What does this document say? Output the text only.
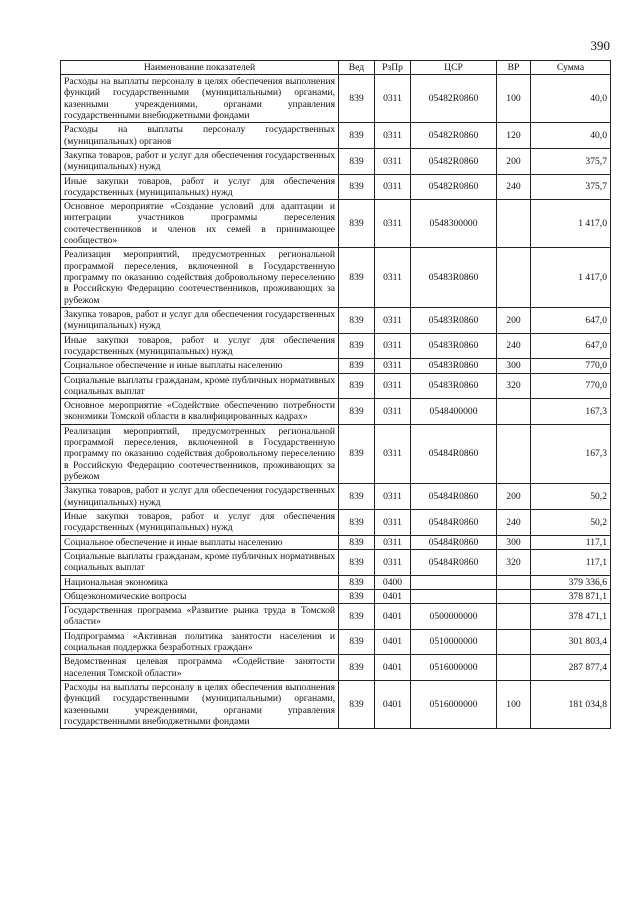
390
Наименование показателей	Вед	РзПр	ЦСР	ВР	Сумма
Расходы на выплаты персоналу в целях обеспечения выполнения функций государственными (муниципальными) органами, казенными учреждениями, органами управления государственными внебюджетными фондами	839	0311	05482R0860	100	40,0
Расходы на выплаты персоналу государственных (муниципальных) органов	839	0311	05482R0860	120	40,0
Закупка товаров, работ и услуг для обеспечения государственных (муниципальных) нужд	839	0311	05482R0860	200	375,7
Иные закупки товаров, работ и услуг для обеспечения государственных (муниципальных) нужд	839	0311	05482R0860	240	375,7
Основное мероприятие «Создание условий для адаптации и интеграции участников программы переселения соотечественников и членов их семей в принимающее сообщество»	839	0311	0548300000		1 417,0
Реализация мероприятий, предусмотренных региональной программой переселения, включенной в Государственную программу по оказанию содействия добровольному переселению в Российскую Федерацию соотечественников, проживающих за рубежом	839	0311	05483R0860		1 417,0
Закупка товаров, работ и услуг для обеспечения государственных (муниципальных) нужд	839	0311	05483R0860	200	647,0
Иные закупки товаров, работ и услуг для обеспечения государственных (муниципальных) нужд	839	0311	05483R0860	240	647,0
Социальное обеспечение и иные выплаты населению	839	0311	05483R0860	300	770,0
Социальные выплаты гражданам, кроме публичных нормативных социальных выплат	839	0311	05483R0860	320	770,0
Основное мероприятие «Содействие обеспечению потребности экономики Томской области в квалифицированных кадрах»	839	0311	0548400000		167,3
Реализация мероприятий, предусмотренных региональной программой переселения, включенной в Государственную программу по оказанию содействия добровольному переселению в Российскую Федерацию соотечественников, проживающих за рубежом	839	0311	05484R0860		167,3
Закупка товаров, работ и услуг для обеспечения государственных (муниципальных) нужд	839	0311	05484R0860	200	50,2
Иные закупки товаров, работ и услуг для обеспечения государственных (муниципальных) нужд	839	0311	05484R0860	240	50,2
Социальное обеспечение и иные выплаты населению	839	0311	05484R0860	300	117,1
Социальные выплаты гражданам, кроме публичных нормативных социальных выплат	839	0311	05484R0860	320	117,1
Национальная экономика	839	0400			379 336,6
Общеэкономические вопросы	839	0401			378 871,1
Государственная программа «Развитие рынка труда в Томской области»	839	0401	0500000000		378 471,1
Подпрограмма «Активная политика занятости населения и социальная поддержка безработных граждан»	839	0401	0510000000		301 803,4
Ведомственная целевая программа «Содействие занятости населения Томской области»	839	0401	0516000000		287 877,4
Расходы на выплаты персоналу в целях обеспечения выполнения функций государственными (муниципальными) органами, казенными учреждениями, органами управления государственными внебюджетными фондами	839	0401	0516000000	100	181 034,8
